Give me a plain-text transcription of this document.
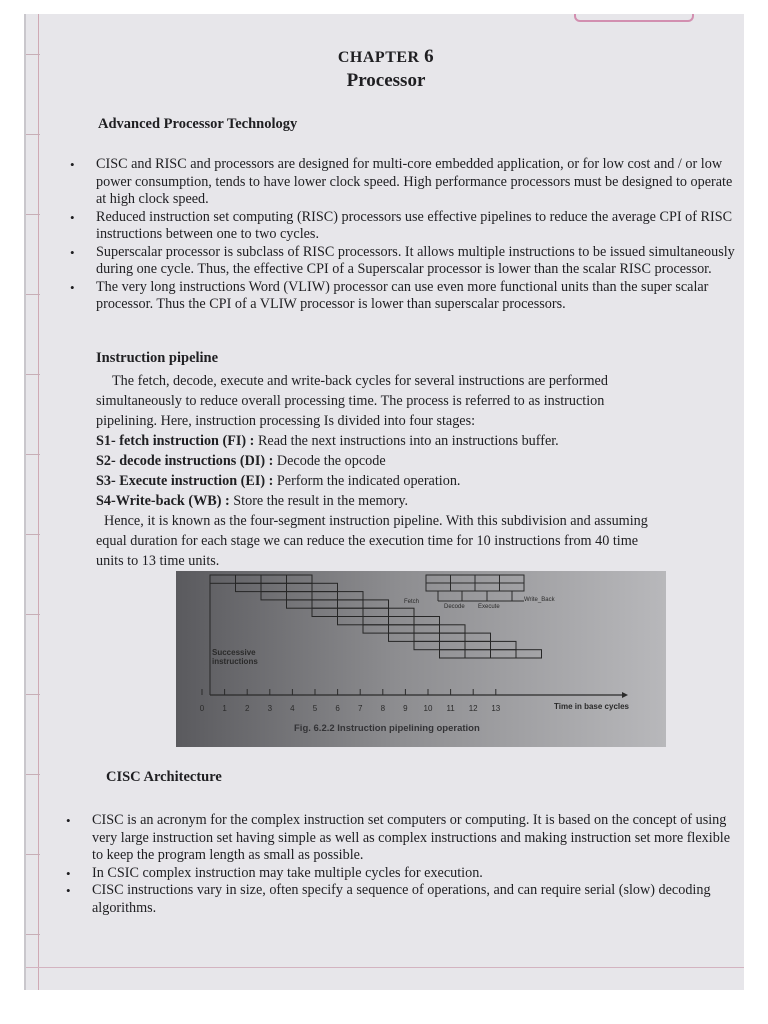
CHAPTER 6
Processor
Advanced Processor Technology
• CISC and RISC and processors are designed for multi-core embedded application, or for low cost and / or low power consumption, tends to have lower clock speed. High performance processors must be designed to operate at high clock speed.
• Reduced instruction set computing (RISC) processors use effective pipelines to reduce the average CPI of RISC instructions between one to two cycles.
• Superscalar processor is subclass of RISC processors. It allows multiple instructions to be issued simultaneously during one cycle. Thus, the effective CPI of a Superscalar processor is lower than the scalar RISC processor.
• The very long instructions Word (VLIW) processor can use even more functional units than the super scalar processor. Thus the CPI of a VLIW processor is lower than superscalar processors.
Instruction pipeline
The fetch, decode, execute and write-back cycles for several instructions are performed
simultaneously to reduce overall processing time. The process is referred to as instruction
pipelining. Here, instruction processing Is divided into four stages:
S1- fetch instruction (FI) : Read the next instructions into an instructions buffer.
S2- decode instructions (DI) : Decode the opcode
S3- Execute instruction (EI) : Perform the indicated operation.
S4-Write-back (WB) : Store the result in the memory.
Hence, it is known as the four-segment instruction pipeline. With this subdivision and assuming
equal duration for each stage we can reduce the execution time for 10 instructions from 40 time
units to 13 time units.
Fetch
Decode Execute
Write_Back
Successive
instructions
0 1 2 3 4 5 6 7 8 9 10 11 12 13	Time in base cycles
Fig. 6.2.2 Instruction pipelining operation
CISC Architecture
• CISC is an acronym for the complex instruction set computers or computing. It is based on the concept of using very large instruction set having simple as well as complex instructions and making instruction set more flexible to keep the program length as small as possible.
• In CSIC complex instruction may take multiple cycles for execution.
• CISC instructions vary in size, often specify a sequence of operations, and can require serial (slow) decoding algorithms.
